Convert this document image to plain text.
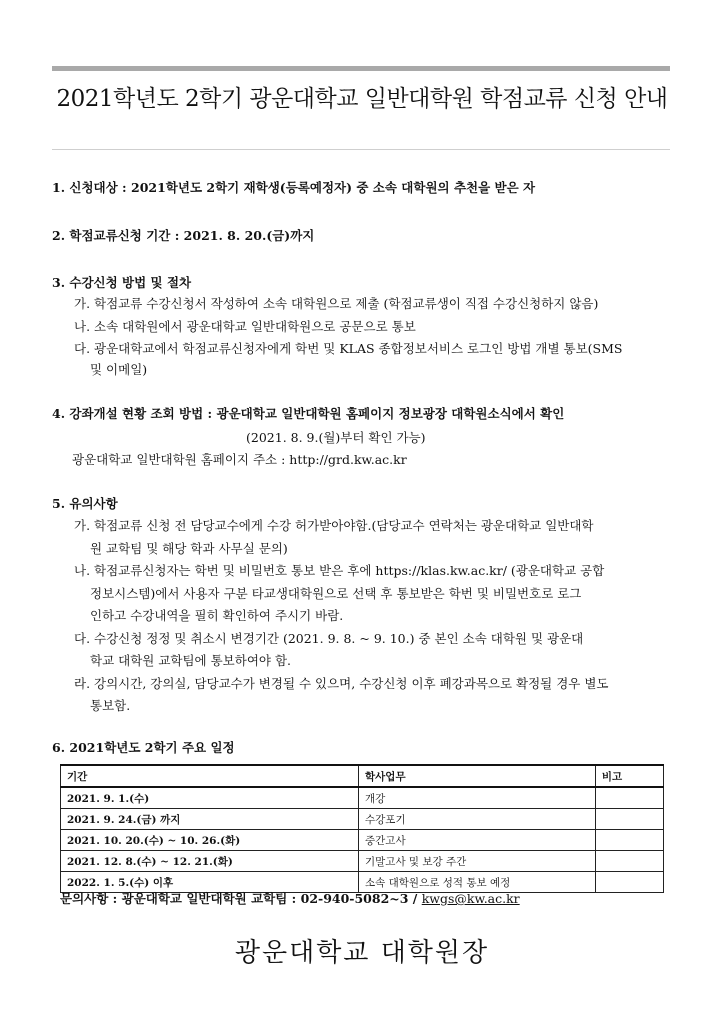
2021학년도 2학기 광운대학교 일반대학원 학점교류 신청 안내
1. 신청대상 : 2021학년도 2학기 재학생(등록예정자) 중 소속 대학원의 추천을 받은 자
2. 학점교류신청 기간 : 2021. 8. 20.(금)까지
3. 수강신청 방법 및 절차
가. 학점교류 수강신청서 작성하여 소속 대학원으로 제출 (학점교류생이 직접 수강신청하지 않음)
나. 소속 대학원에서 광운대학교 일반대학원으로 공문으로 통보
다. 광운대학교에서 학점교류신청자에게 학번 및 KLAS 종합정보서비스 로그인 방법 개별 통보(SMS
및 이메일)
4. 강좌개설 현황 조회 방법 : 광운대학교 일반대학원 홈페이지 정보광장 대학원소식에서 확인
(2021. 8. 9.(월)부터 확인 가능)
광운대학교 일반대학원 홈페이지 주소 : http://grd.kw.ac.kr
5. 유의사항
가. 학점교류 신청 전 담당교수에게 수강 허가받아야함.(담당교수 연락처는 광운대학교 일반대학
원 교학팀 및 해당 학과 사무실 문의)
나. 학점교류신청자는 학번 및 비밀번호 통보 받은 후에 https://klas.kw.ac.kr/ (광운대학교 공합
정보시스템)에서 사용자 구분 타교생대학원으로 선택 후 통보받은 학번 및 비밀번호로 로그
인하고 수강내역을 필히 확인하여 주시기 바람.
다. 수강신청 정정 및 취소시 변경기간 (2021. 9. 8. ~ 9. 10.) 중 본인 소속 대학원 및 광운대
학교 대학원 교학팀에 통보하여야 함.
라. 강의시간, 강의실, 담당교수가 변경될 수 있으며, 수강신청 이후 폐강과목으로 확정될 경우 별도
통보함.
6. 2021학년도 2학기 주요 일정
기간	학사업무	비고
2021. 9. 1.(수)	개강	
2021. 9. 24.(금) 까지	수강포기	
2021. 10. 20.(수) ~ 10. 26.(화)	중간고사	
2021. 12. 8.(수) ~ 12. 21.(화)	기말고사 및 보강 주간	
2022. 1. 5.(수) 이후	소속 대학원으로 성적 통보 예정	
문의사항 : 광운대학교 일반대학원 교학팀 : 02-940-5082~3 / kwgs@kw.ac.kr
광운대학교 대학원장
